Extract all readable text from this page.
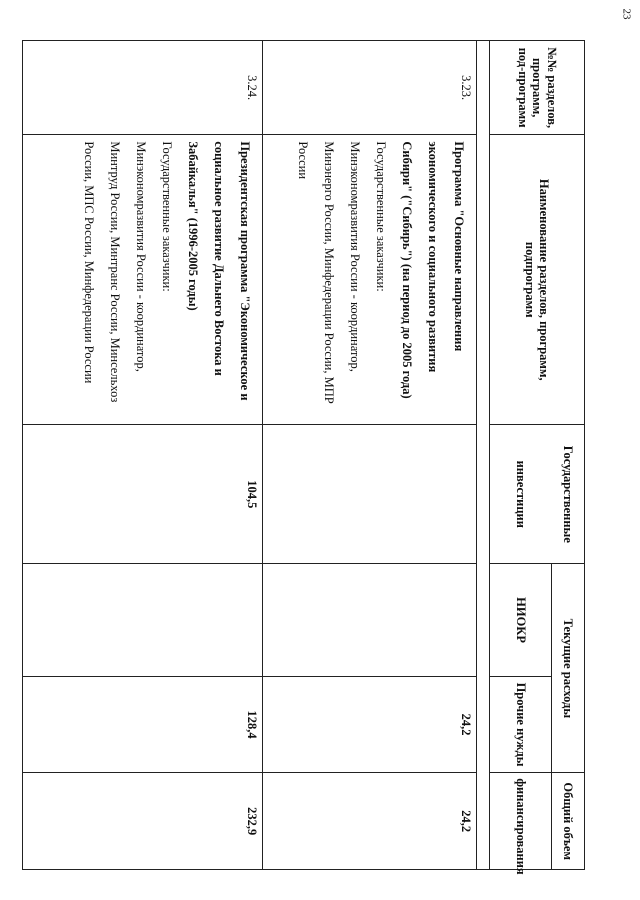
23
№№ разделов, программ, под-программ	Наименование разделов, программ, подпрограмм	Государственные	Текущие расходы		Общий объем
		инвестиции	НИОКР	Прочие нужды	финансирования

3.23.	Программа "Основные направления экономического и социального развития Сибири" ("Сибирь") (на период до 2005 года)
Государственные заказчики:
Минэкономразвития России - координатор, Минэнерго России, Минфедерации России, МПР России			24,2	24,2
3.24.	Президентская программа "Экономическое и социальное развитие Дальнего Востока и Забайкалья" (1996-2005 годы)
Государственные заказчики:
Минэкономразвития России - координатор, Минтруд России, Минтранс России, Минсельхоз России, МПС России, Минфедерации России	104,5		128,4	232,9
